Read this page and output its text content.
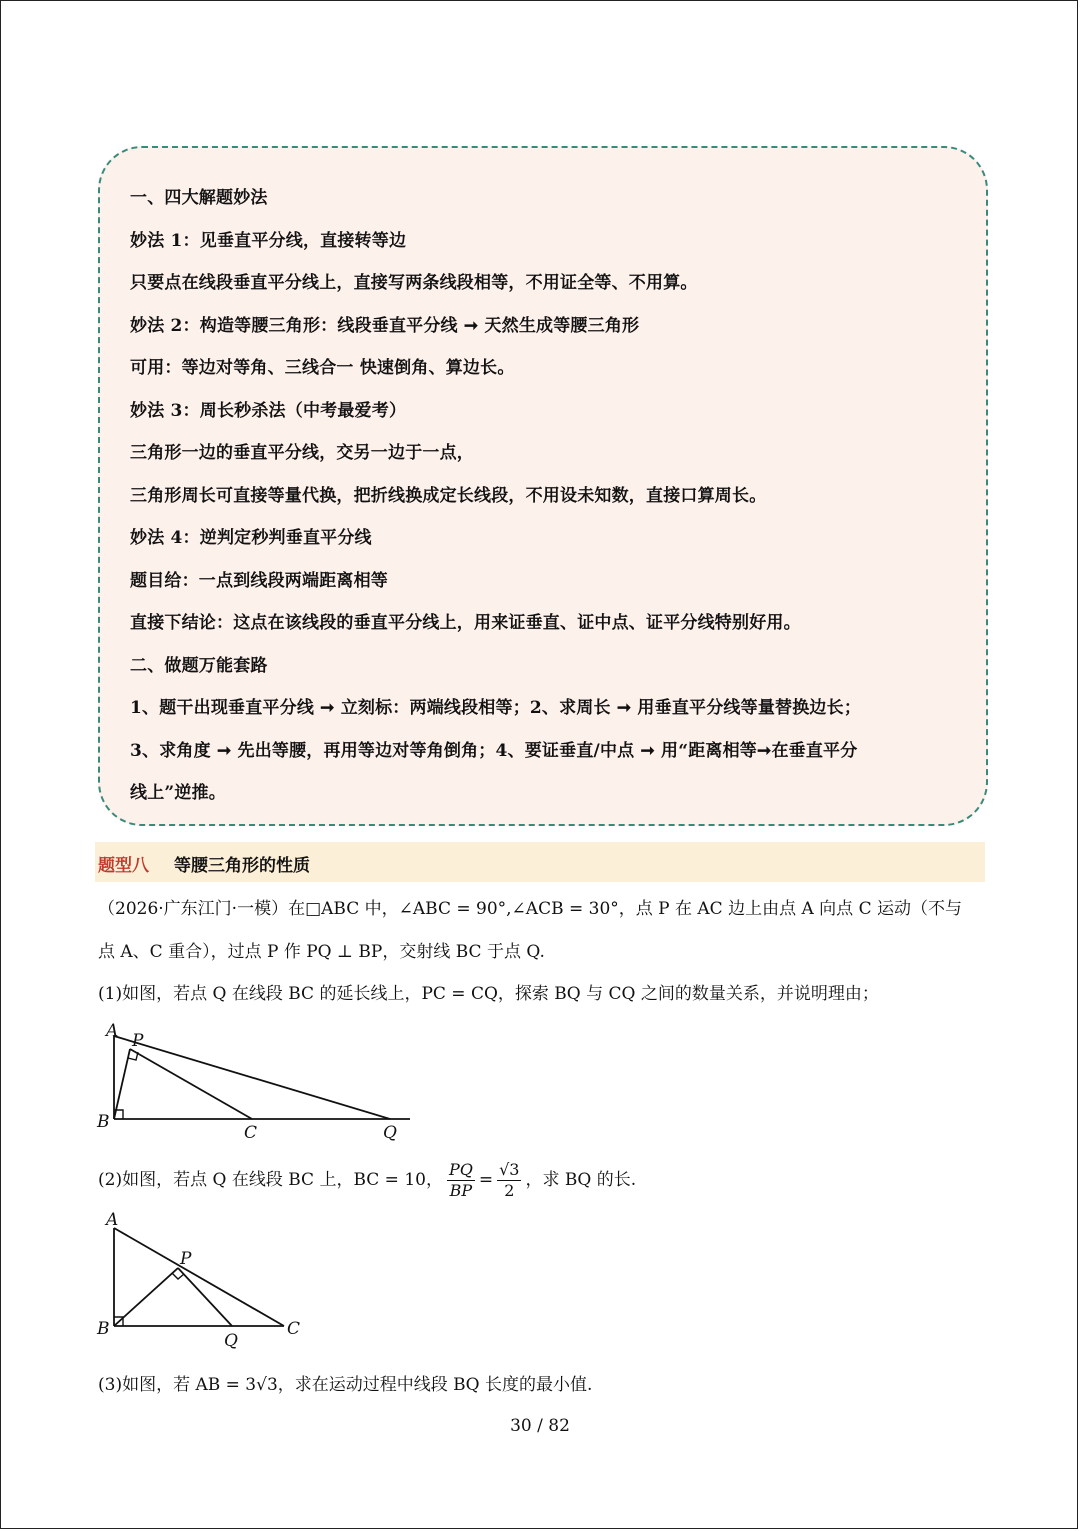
一、四大解题妙法
妙法 1：见垂直平分线，直接转等边
只要点在线段垂直平分线上，直接写两条线段相等，不用证全等、不用算。
妙法 2：构造等腰三角形：线段垂直平分线 ➞ 天然生成等腰三角形
可用：等边对等角、三线合一 快速倒角、算边长。
妙法 3：周长秒杀法（中考最爱考）
三角形一边的垂直平分线，交另一边于一点，
三角形周长可直接等量代换，把折线换成定长线段，不用设未知数，直接口算周长。
妙法 4：逆判定秒判垂直平分线
题目给：一点到线段两端距离相等
直接下结论：这点在该线段的垂直平分线上，用来证垂直、证中点、证平分线特别好用。
二、做题万能套路
1、题干出现垂直平分线 ➞ 立刻标：两端线段相等；2、求周长 ➞ 用垂直平分线等量替换边长；
3、求角度 ➞ 先出等腰，再用等边对等角倒角；4、要证垂直/中点 ➞ 用“距离相等➞在垂直平分
线上”逆推。
题型八 等腰三角形的性质
（2026·广东江门·一模）在□ABC 中，∠ABC = 90°,∠ACB = 30°，点 P 在 AC 边上由点 A 向点 C 运动（不与
点 A、C 重合），过点 P 作 PQ ⊥ BP，交射线 BC 于点 Q.
(1)如图，若点 Q 在线段 BC 的延长线上，PC = CQ，探索 BQ 与 CQ 之间的数量关系，并说明理由；
A P
B
C	Q
(2)如图，若点 Q 在线段 BC 上，BC = 10， $\frac{PQ}{BP} = \frac{√3}{2}$ ，求 BQ 的长.
A
P
B
Q
C
(3)如图，若 AB = 3√3，求在运动过程中线段 BQ 长度的最小值.
30 / 82
